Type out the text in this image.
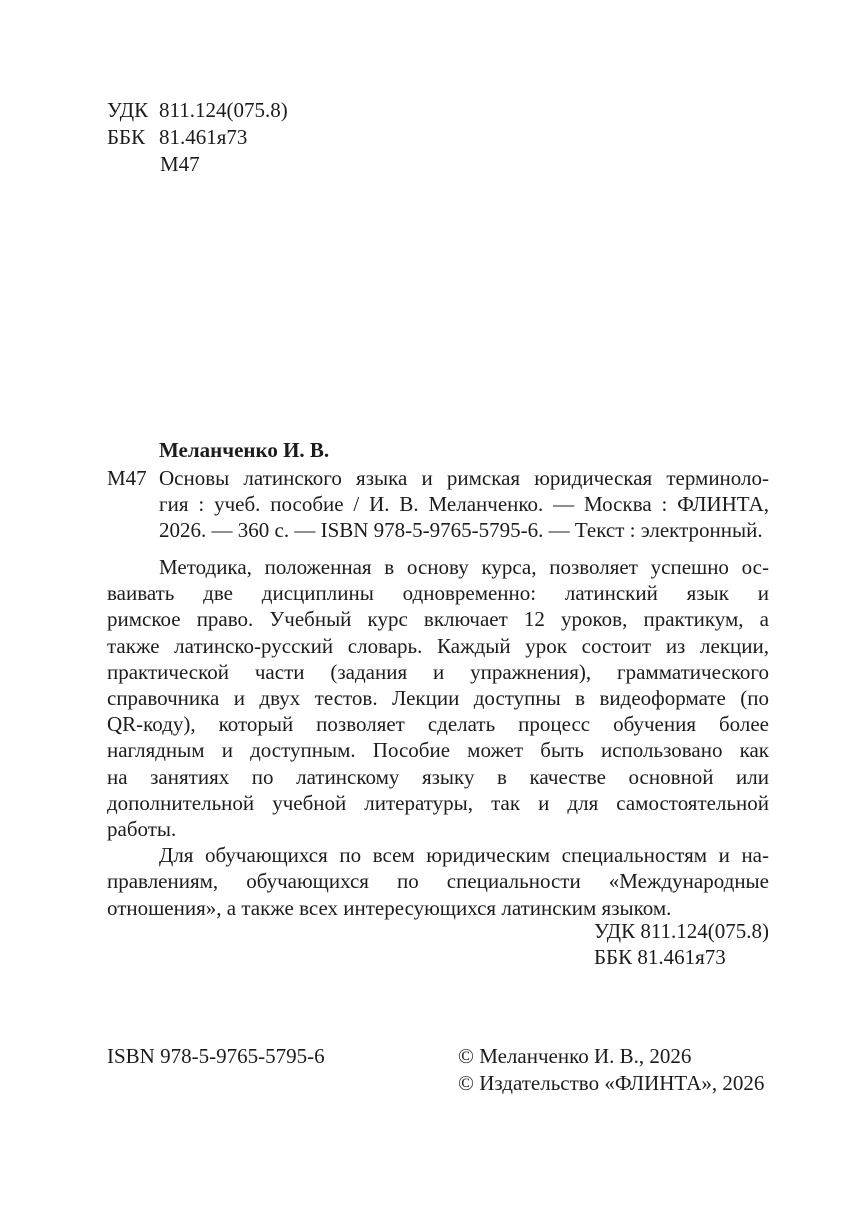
УДК 811.124(075.8)
ББК 81.461я73
М47
Меланченко И. В.
М47 Основы латинского языка и римская юридическая терминоло-
гия : учеб. пособие / И. В. Меланченко. — Москва : ФЛИНТА,
2026. — 360 с. — ISBN 978-5-9765-5795-6. — Текст : электронный.
Методика, положенная в основу курса, позволяет успешно ос-
ваивать две дисциплины одновременно: латинский язык и
римское право. Учебный курс включает 12 уроков, практикум, а
также латинско-русский словарь. Каждый урок состоит из лекции,
практической части (задания и упражнения), грамматического
справочника и двух тестов. Лекции доступны в видеоформате (по
QR-коду), который позволяет сделать процесс обучения более
наглядным и доступным. Пособие может быть использовано как
на занятиях по латинскому языку в качестве основной или
дополнительной учебной литературы, так и для самостоятельной
работы.
Для обучающихся по всем юридическим специальностям и на-
правлениям, обучающихся по специальности «Международные
отношения», а также всех интересующихся латинским языком.
УДК 811.124(075.8)
ББК 81.461я73
ISBN 978-5-9765-5795-6	© Меланченко И. В., 2026
© Издательство «ФЛИНТА», 2026
